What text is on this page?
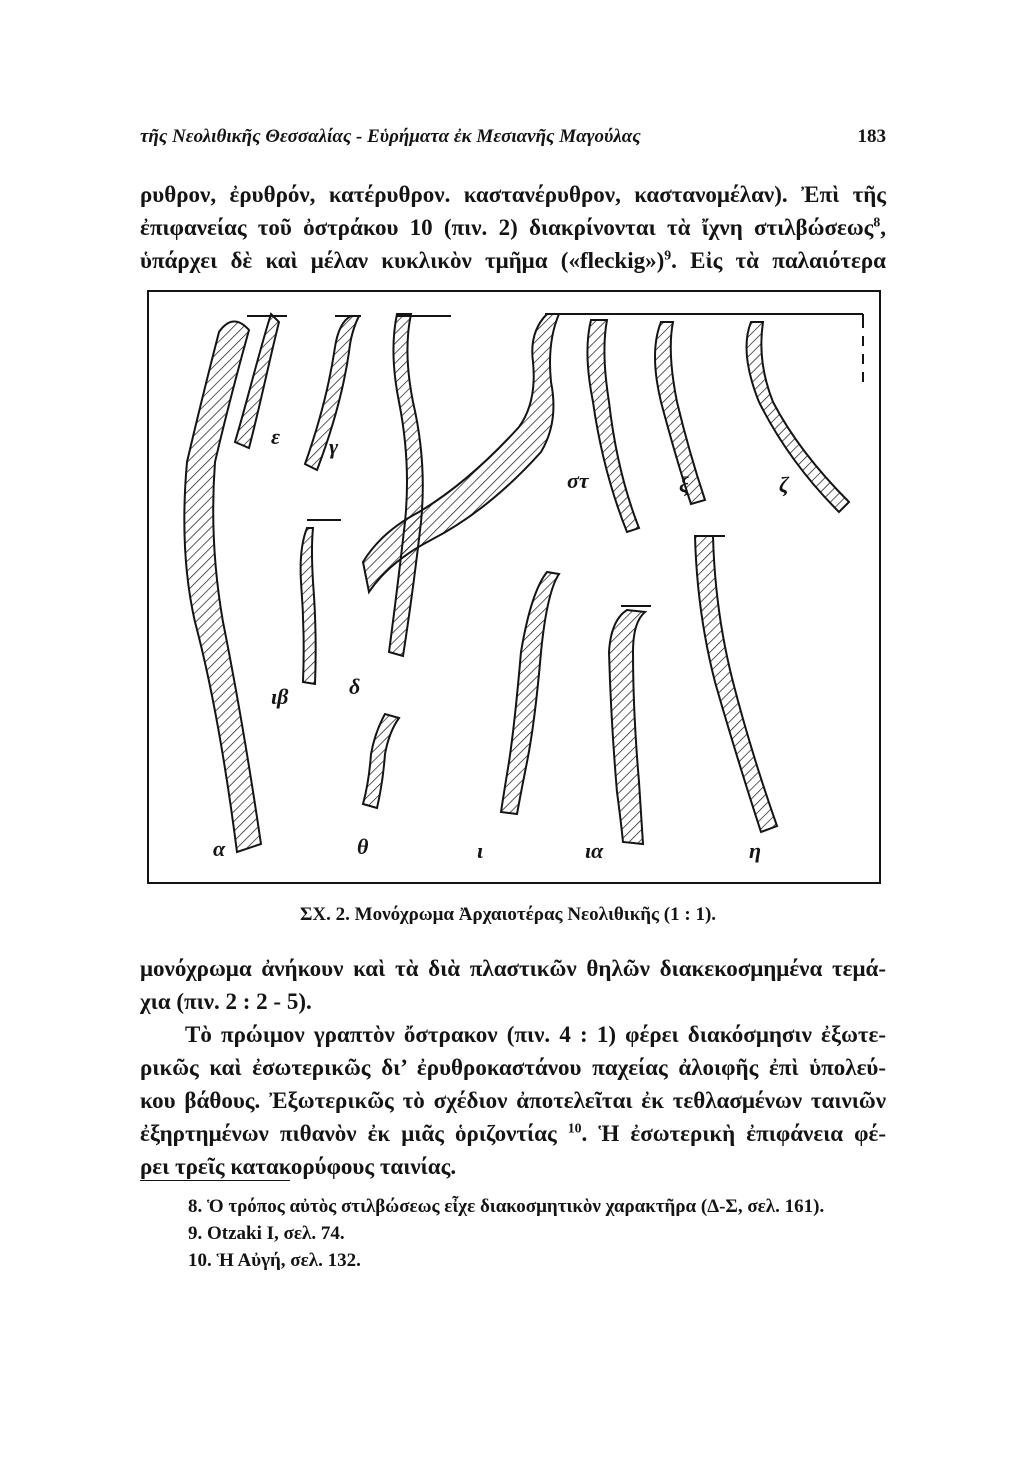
τῆς Νεολιθικῆς Θεσσαλίας - Εὑρήματα ἐκ Μεσιανῆς Μαγούλας	183
ρυθρον, ἐρυθρόν, κατέρυθρον. καστανέρυθρον, καστανομέλαν). Ἐπὶ τῆς
ἐπιφανείας τοῦ ὀστράκου 10 (πιν. 2) διακρίνονται τὰ ἴχνη στιλβώσεως$^8$,
ὑπάρχει δὲ καὶ μέλαν κυκλικὸν τμῆμα («fleckig»)$^9$. Εἰς τὰ παλαιότερα
ε γ
στ	ξ	ζ
ιβ	δ
α	θ	ι	ια	η
ΣΧ. 2. Μονόχρωμα Ἀρχαιοτέρας Νεολιθικῆς (1 : 1).
μονόχρωμα ἀνήκουν καὶ τὰ διὰ πλαστικῶν θηλῶν διακεκοσμημένα τεμά-
χια (πιν. 2 : 2 - 5).
Τὸ πρώιμον γραπτὸν ὄστρακον (πιν. 4 : 1) φέρει διακόσμησιν ἐξωτε-
ρικῶς καὶ ἐσωτερικῶς δι’ ἐρυθροκαστάνου παχείας ἀλοιφῆς ἐπὶ ὑπολεύ-
κου βάθους. Ἐξωτερικῶς τὸ σχέδιον ἀποτελεῖται ἐκ τεθλασμένων ταινιῶν
ἐξηρτημένων πιθανὸν ἐκ μιᾶς ὁριζοντίας $^{10}$. Ἡ ἐσωτερικὴ ἐπιφάνεια φέ-
ρει τρεῖς κατακορύφους ταινίας.
8. Ὁ τρόπος αὐτὸς στιλβώσεως εἶχε διακοσμητικὸν χαρακτῆρα (Δ-Σ, σελ. 161).
9. Otzaki I, σελ. 74.
10. Ἡ Αὐγή, σελ. 132.
